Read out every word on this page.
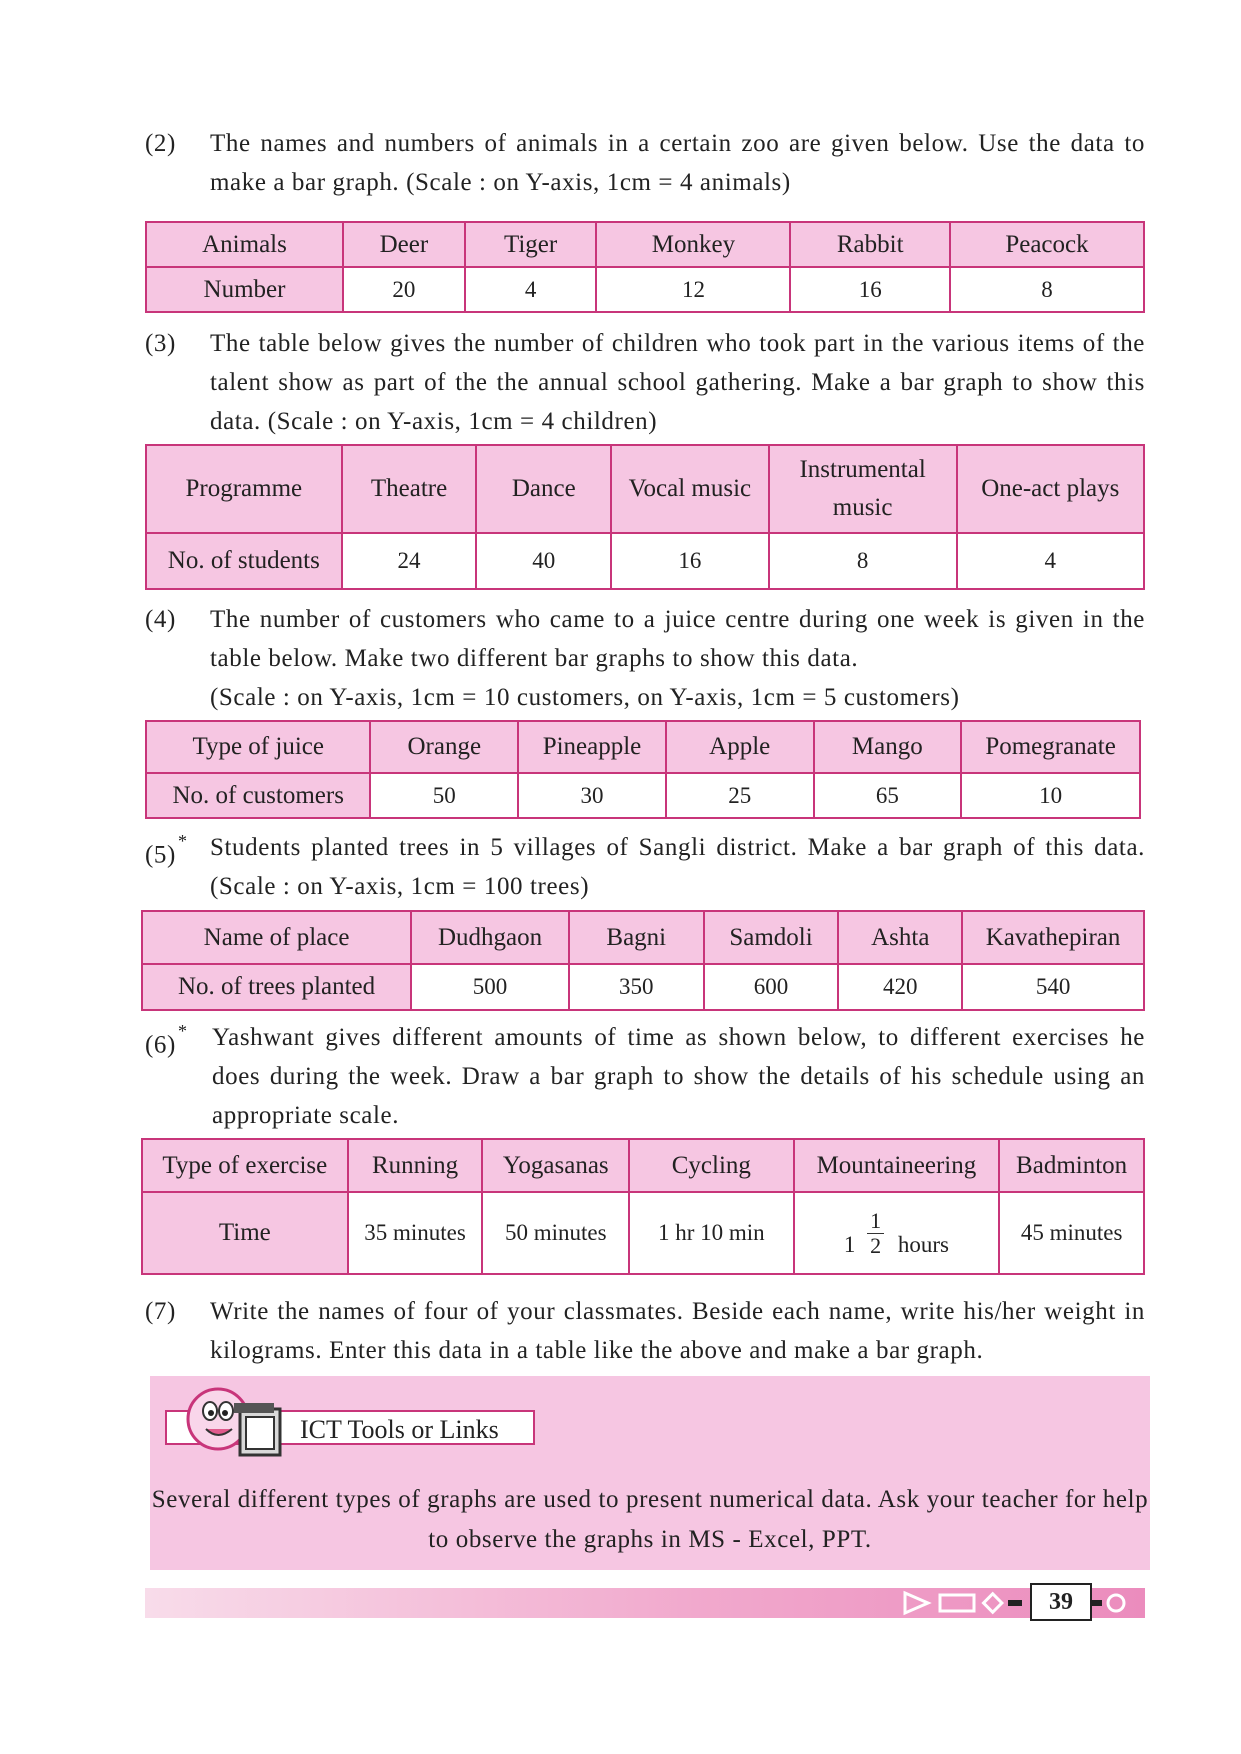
(2) The names and numbers of animals in a certain zoo are given below. Use the data to make a bar graph. (Scale : on Y-axis, 1cm = 4 animals)
Animals	Deer	Tiger	Monkey	Rabbit	Peacock
Number	20	4	12	16	8
(3) The table below gives the number of children who took part in the various items of the talent show as part of the the annual school gathering. Make a bar graph to show this data. (Scale : on Y-axis, 1cm = 4 children)
Programme	Theatre	Dance	Vocal music	Instrumental music	One-act plays
No. of students	24	40	16	8	4
(4) The number of customers who came to a juice centre during one week is given in the table below. Make two different bar graphs to show this data.
(Scale : on Y-axis, 1cm = 10 customers, on Y-axis, 1cm = 5 customers)
Type of juice	Orange	Pineapple	Apple	Mango	Pomegranate
No. of customers	50	30	25	65	10
(5)* Students planted trees in 5 villages of Sangli district. Make a bar graph of this data. (Scale : on Y-axis, 1cm = 100 trees)
Name of place	Dudhgaon	Bagni	Samdoli	Ashta	Kavathepiran
No. of trees planted	500	350	600	420	540
(6)* Yashwant gives different amounts of time as shown below, to different exercises he does during the week. Draw a bar graph to show the details of his schedule using an appropriate scale.
Type of exercise	Running	Yogasanas	Cycling	Mountaineering	Badminton
Time	35 minutes	50 minutes	1 hr 10 min	$1 \frac{1}{2}$ hours	45 minutes
(7) Write the names of four of your classmates. Beside each name, write his/her weight in kilograms. Enter this data in a table like the above and make a bar graph.
ICT Tools or Links
Several different types of graphs are used to present numerical data. Ask your teacher for help to observe the graphs in MS - Excel, PPT.
39
